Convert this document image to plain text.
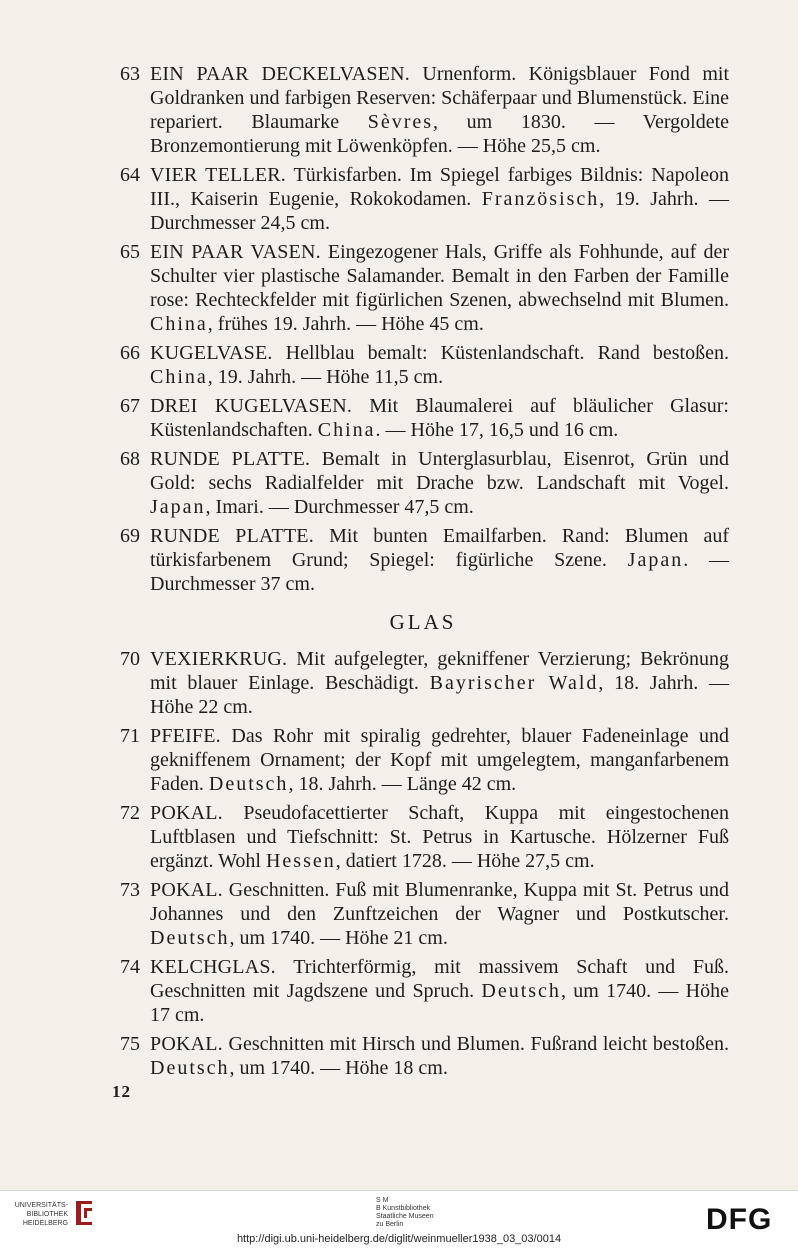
63 EIN PAAR DECKELVASEN. Urnenform. Königsblauer Fond mit Goldranken und farbigen Reserven: Schäferpaar und Blumenstück. Eine repariert. Blaumarke Sèvres, um 1830. — Vergoldete Bronzemontierung mit Löwenköpfen. — Höhe 25,5 cm.
64 VIER TELLER. Türkisfarben. Im Spiegel farbiges Bildnis: Napoleon III., Kaiserin Eugenie, Rokokodamen. Französisch, 19. Jahrh. — Durchmesser 24,5 cm.
65 EIN PAAR VASEN. Eingezogener Hals, Griffe als Fohhunde, auf der Schulter vier plastische Salamander. Bemalt in den Farben der Famille rose: Rechteckfelder mit figürlichen Szenen, abwechselnd mit Blumen. China, frühes 19. Jahrh. — Höhe 45 cm.
66 KUGELVASE. Hellblau bemalt: Küstenlandschaft. Rand bestoßen. China, 19. Jahrh. — Höhe 11,5 cm.
67 DREI KUGELVASEN. Mit Blaumalerei auf bläulicher Glasur: Küstenlandschaften. China. — Höhe 17, 16,5 und 16 cm.
68 RUNDE PLATTE. Bemalt in Unterglasurblau, Eisenrot, Grün und Gold: sechs Radialfelder mit Drache bzw. Landschaft mit Vogel. Japan, Imari. — Durchmesser 47,5 cm.
69 RUNDE PLATTE. Mit bunten Emailfarben. Rand: Blumen auf türkisfarbenem Grund; Spiegel: figürliche Szene. Japan. — Durchmesser 37 cm.
GLAS
70 VEXIERKRUG. Mit aufgelegter, gekniffener Verzierung; Bekrönung mit blauer Einlage. Beschädigt. Bayrischer Wald, 18. Jahrh. — Höhe 22 cm.
71 PFEIFE. Das Rohr mit spiralig gedrehter, blauer Fadeneinlage und gekniffenem Ornament; der Kopf mit umgelegtem, manganfarbenem Faden. Deutsch, 18. Jahrh. — Länge 42 cm.
72 POKAL. Pseudofacettierter Schaft, Kuppa mit eingestochenen Luftblasen und Tiefschnitt: St. Petrus in Kartusche. Hölzerner Fuß ergänzt. Wohl Hessen, datiert 1728. — Höhe 27,5 cm.
73 POKAL. Geschnitten. Fuß mit Blumenranke, Kuppa mit St. Petrus und Johannes und den Zunftzeichen der Wagner und Postkutscher. Deutsch, um 1740. — Höhe 21 cm.
74 KELCHGLAS. Trichterförmig, mit massivem Schaft und Fuß. Geschnitten mit Jagdszene und Spruch. Deutsch, um 1740. — Höhe 17 cm.
75 POKAL. Geschnitten mit Hirsch und Blumen. Fußrand leicht bestoßen. Deutsch, um 1740. — Höhe 18 cm.
12
UNIVERSITÄTS-
BIBLIOTHEK
HEIDELBERG
S M
B Kunstbibliothek
Staatliche Museen
zu Berlin	DFG
http://digi.ub.uni-heidelberg.de/diglit/weinmueller1938_03_03/0014
